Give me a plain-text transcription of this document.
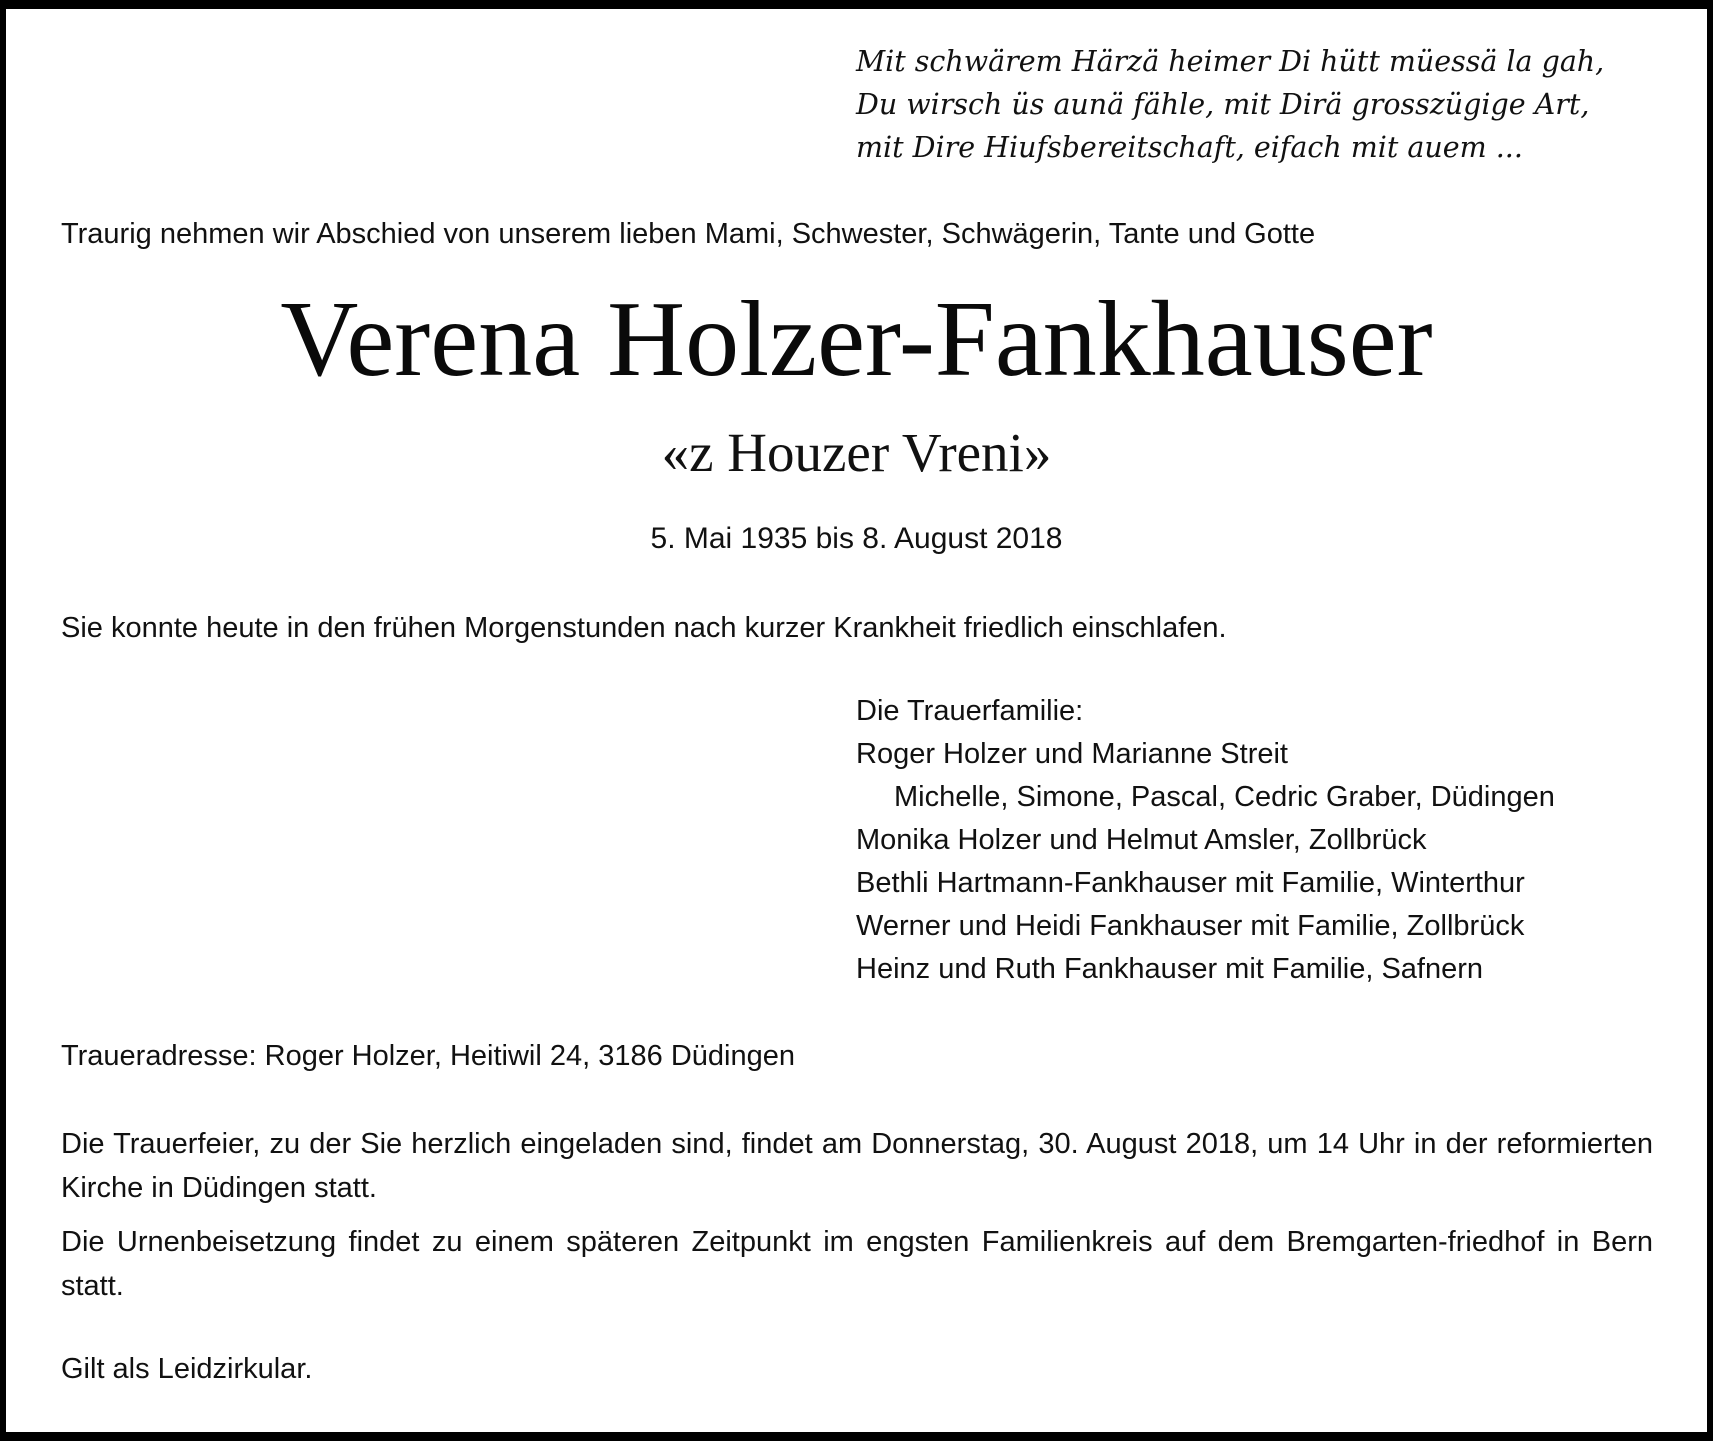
Mit schwärem Härzä heimer Di hütt müessä la gah,
Du wirsch üs aunä fähle, mit Dirä grosszügige Art,
mit Dire Hiufsbereitschaft, eifach mit auem ...

Traurig nehmen wir Abschied von unserem lieben Mami, Schwester, Schwägerin, Tante und Gotte

Verena Holzer-Fankhauser
«z Houzer Vreni»

5. Mai 1935 bis 8. August 2018

Sie konnte heute in den frühen Morgenstunden nach kurzer Krankheit friedlich einschlafen.

Die Trauerfamilie:
Roger Holzer und Marianne Streit
Michelle, Simone, Pascal, Cedric Graber, Düdingen
Monika Holzer und Helmut Amsler, Zollbrück
Bethli Hartmann-Fankhauser mit Familie, Winterthur
Werner und Heidi Fankhauser mit Familie, Zollbrück
Heinz und Ruth Fankhauser mit Familie, Safnern

Traueradresse: Roger Holzer, Heitiwil 24, 3186 Düdingen

Die Trauerfeier, zu der Sie herzlich eingeladen sind, findet am Donnerstag, 30. August 2018, um 14 Uhr in der reformierten Kirche in Düdingen statt.

Die Urnenbeisetzung findet zu einem späteren Zeitpunkt im engsten Familienkreis auf dem Bremgarten-friedhof in Bern statt.

Gilt als Leidzirkular.
